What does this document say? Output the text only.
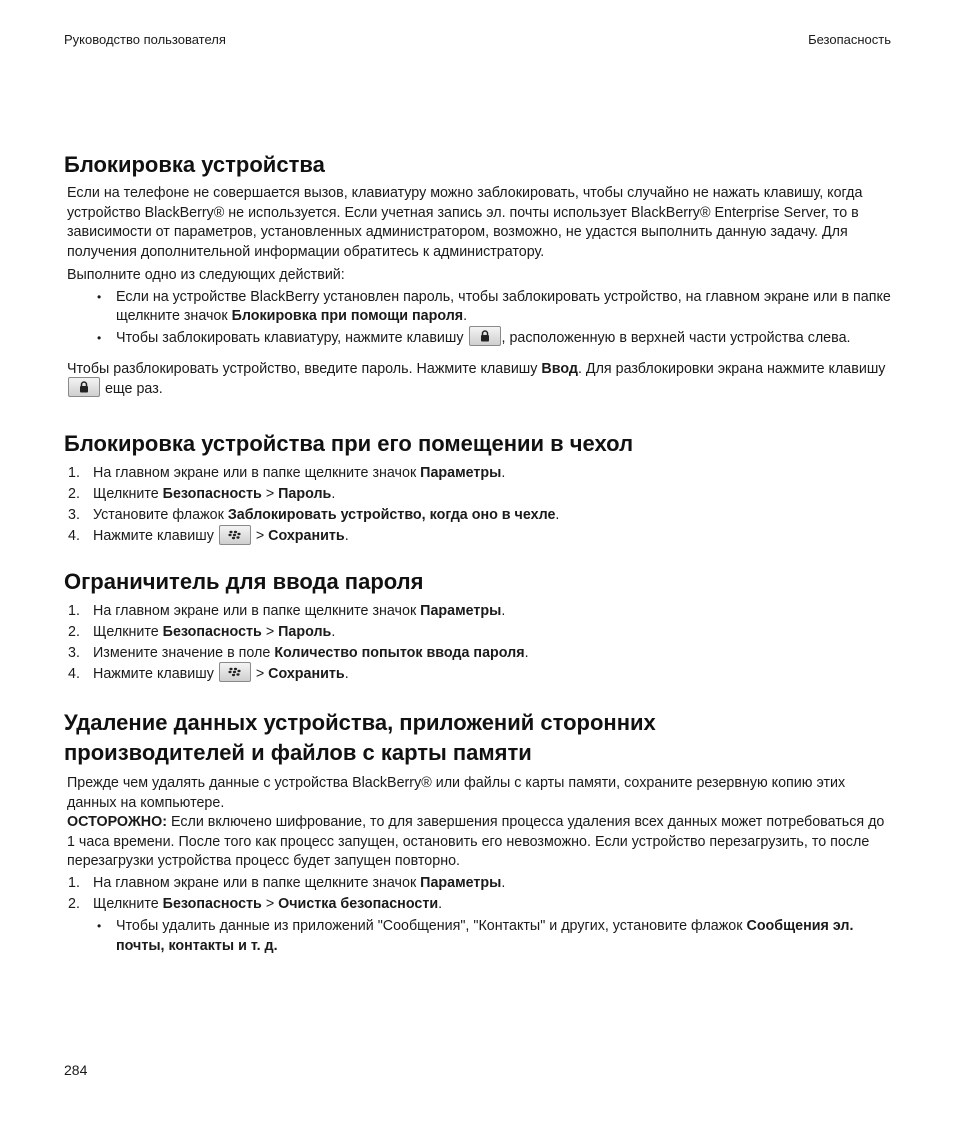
Руководство пользователя	Безопасность
Блокировка устройства

Если на телефоне не совершается вызов, клавиатуру можно заблокировать, чтобы случайно не нажать клавишу, когда устройство BlackBerry® не используется. Если учетная запись эл. почты использует BlackBerry® Enterprise Server, то в зависимости от параметров, установленных администратором, возможно, не удастся выполнить данную задачу. Для получения дополнительной информации обратитесь к администратору.

Выполните одно из следующих действий:

• Если на устройстве BlackBerry установлен пароль, чтобы заблокировать устройство, на главном экране или в папке щелкните значок Блокировка при помощи пароля.
• Чтобы заблокировать клавиатуру, нажмите клавишу
, расположенную в верхней части устройства слева.

Чтобы разблокировать устройство, введите пароль. Нажмите клавишу Ввод. Для разблокировки экрана нажмите клавишу
еще раз.

Блокировка устройства при его помещении в чехол
1. На главном экране или в папке щелкните значок Параметры.
2. Щелкните Безопасность > Пароль.
3. Установите флажок Заблокировать устройство, когда оно в чехле.
4. Нажмите клавишу
> Сохранить.
Ограничитель для ввода пароля
1. На главном экране или в папке щелкните значок Параметры.
2. Щелкните Безопасность > Пароль.
3. Измените значение в поле Количество попыток ввода пароля.
4. Нажмите клавишу
> Сохранить.
Удаление данных устройства, приложений сторонних
производителей и файлов с карты памяти

Прежде чем удалять данные с устройства BlackBerry® или файлы с карты памяти, сохраните резервную копию этих данных на компьютере.

ОСТОРОЖНО: Если включено шифрование, то для завершения процесса удаления всех данных может потребоваться до 1 часа времени. После того как процесс запущен, остановить его невозможно. Если устройство перезагрузить, то после перезагрузки устройства процесс будет запущен повторно.

1. На главном экране или в папке щелкните значок Параметры.
2. Щелкните Безопасность > Очистка безопасности.
• Чтобы удалить данные из приложений "Сообщения", "Контакты" и других, установите флажок Сообщения эл. почты, контакты и т. д.
284
